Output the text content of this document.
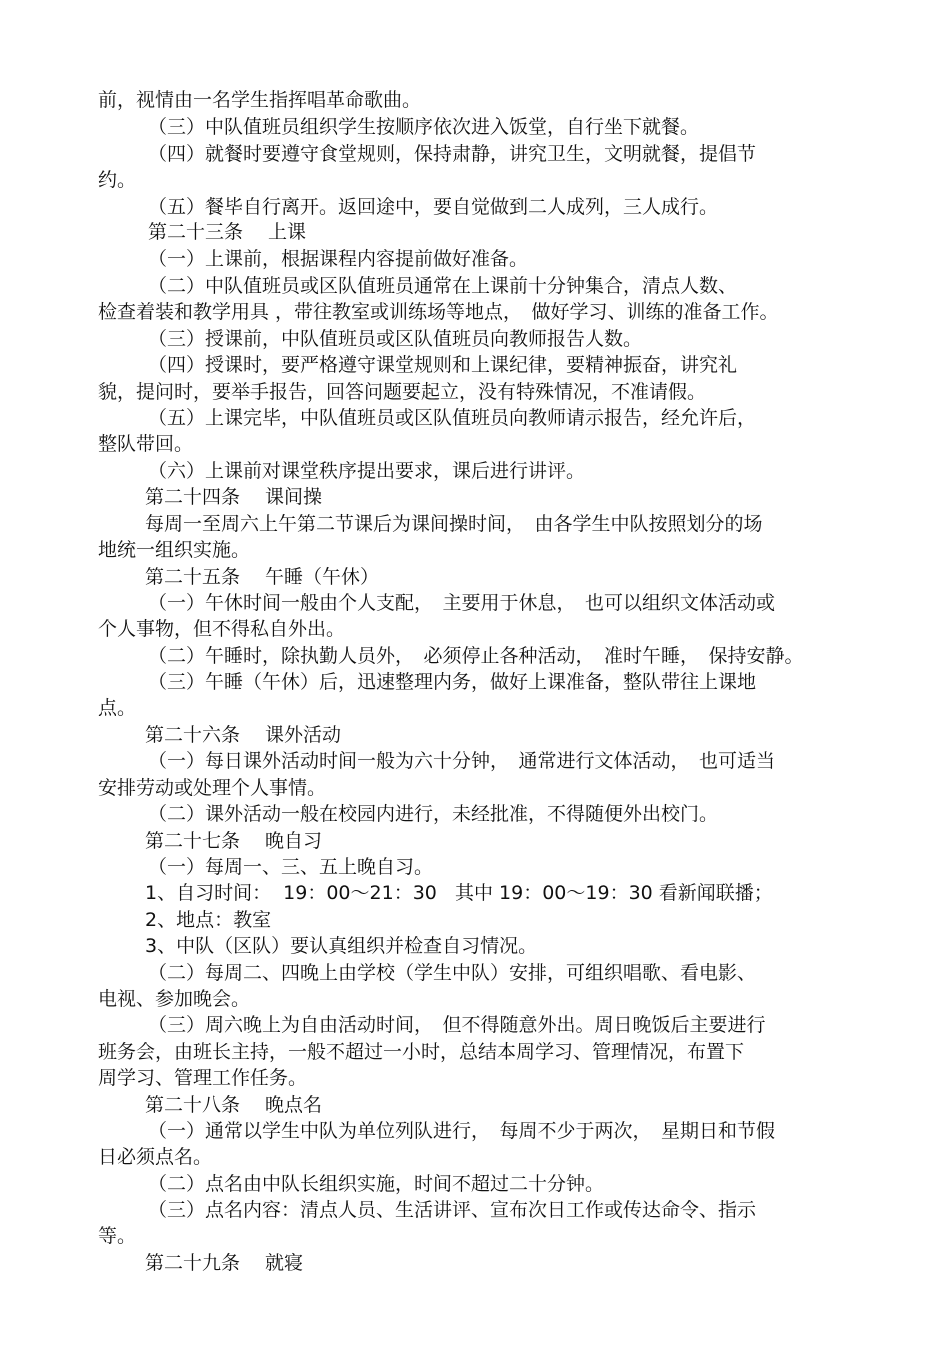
前，视情由一名学生指挥唱革命歌曲。
（三）中队值班员组织学生按顺序依次进入饭堂，自行坐下就餐。
（四）就餐时要遵守食堂规则，保持肃静，讲究卫生，文明就餐，提倡节
约。
（五）餐毕自行离开。返回途中，要自觉做到二人成列，三人成行。
第二十三条　 上课
（一）上课前，根据课程内容提前做好准备。
（二）中队值班员或区队值班员通常在上课前十分钟集合，清点人数、
检查着装和教学用具 ，带往教室或训练场等地点，　做好学习、训练的准备工作。
（三）授课前，中队值班员或区队值班员向教师报告人数。
（四）授课时，要严格遵守课堂规则和上课纪律，要精神振奋，讲究礼
貌，提问时，要举手报告，回答问题要起立，没有特殊情况，不准请假。
（五）上课完毕，中队值班员或区队值班员向教师请示报告，经允许后，
整队带回。
（六）上课前对课堂秩序提出要求，课后进行讲评。
第二十四条　 课间操
每周一至周六上午第二节课后为课间操时间，　由各学生中队按照划分的场
地统一组织实施。
第二十五条　 午睡（午休）
（一）午休时间一般由个人支配，　主要用于休息，　也可以组织文体活动或
个人事物，但不得私自外出。
（二）午睡时，除执勤人员外，　必须停止各种活动，　准时午睡，　保持安静。
（三）午睡（午休）后，迅速整理内务，做好上课准备，整队带往上课地
点。
第二十六条　 课外活动
（一）每日课外活动时间一般为六十分钟，　通常进行文体活动，　也可适当
安排劳动或处理个人事情。
（二）课外活动一般在校园内进行，未经批准，不得随便外出校门。
第二十七条　 晚自习
（一）每周一、三、五上晚自习。
1、自习时间：  19：00～21：30   其中 19：00～19：30 看新闻联播；
2、地点：教室
3、中队（区队）要认真组织并检查自习情况。
（二）每周二、四晚上由学校（学生中队）安排，可组织唱歌、看电影、
电视、参加晚会。
（三）周六晚上为自由活动时间，　但不得随意外出。周日晚饭后主要进行
班务会，由班长主持，一般不超过一小时，总结本周学习、管理情况，布置下
周学习、管理工作任务。
第二十八条　 晚点名
（一）通常以学生中队为单位列队进行，　每周不少于两次，　星期日和节假
日必须点名。
（二）点名由中队长组织实施，时间不超过二十分钟。
（三）点名内容：清点人员、生活讲评、宣布次日工作或传达命令、指示
等。
第二十九条　 就寝
